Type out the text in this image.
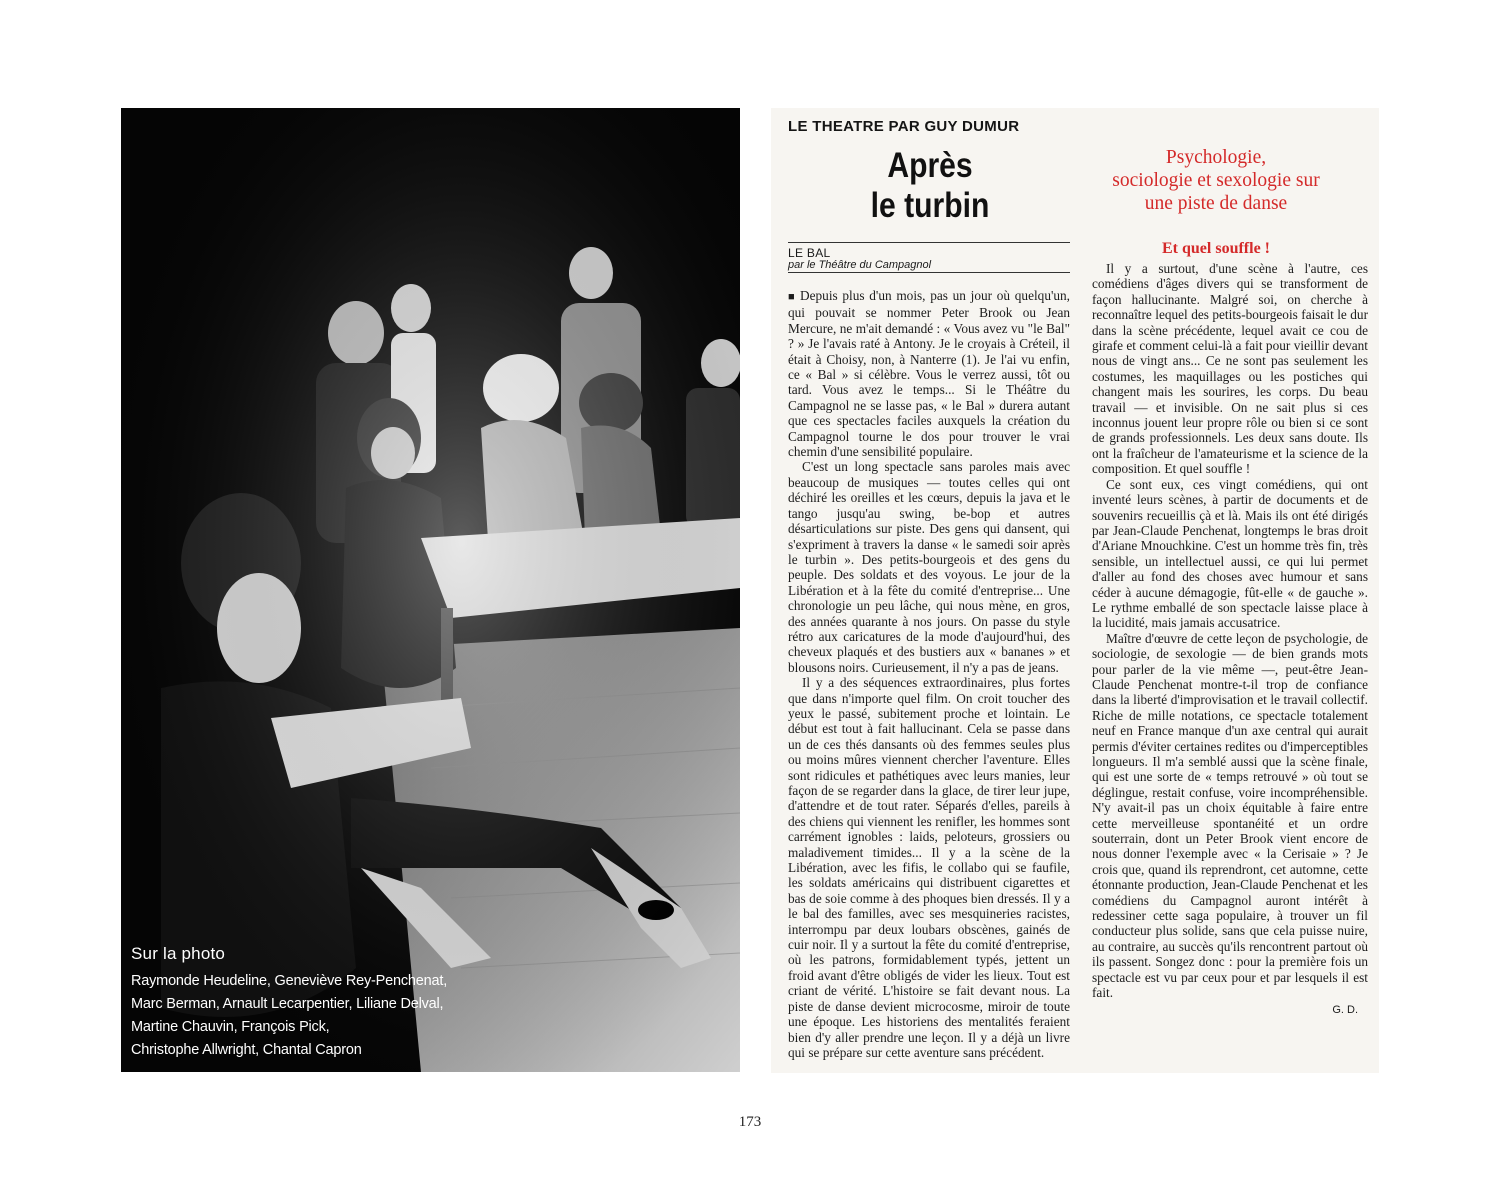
Sur la photo
Raymonde Heudeline, Geneviève Rey-Penchenat,
Marc Berman, Arnault Lecarpentier, Liliane Delval,
Martine Chauvin, François Pick,
Christophe Allwright, Chantal Capron
LE THEATRE PAR GUY DUMUR
Après
le turbin
Psychologie,
sociologie et sexologie sur
une piste de danse
LE BAL
par le Théâtre du Campagnol
Et quel souffle !

■ Depuis plus d'un mois, pas un jour où quelqu'un, qui pouvait se nommer Peter Brook ou Jean Mercure, ne m'ait demandé : « Vous avez vu "le Bal" ? » Je l'avais raté à Antony. Je le croyais à Créteil, il était à Choisy, non, à Nanterre (1). Je l'ai vu enfin, ce « Bal » si célèbre. Vous le verrez aussi, tôt ou tard. Vous avez le temps... Si le Théâtre du Campagnol ne se lasse pas, « le Bal » durera autant que ces spectacles faciles auxquels la création du Campagnol tourne le dos pour trouver le vrai chemin d'une sensibilité populaire.

C'est un long spectacle sans paroles mais avec beaucoup de musiques — toutes celles qui ont déchiré les oreilles et les cœurs, depuis la java et le tango jusqu'au swing, be-bop et autres désarticulations sur piste. Des gens qui dansent, qui s'expriment à travers la danse « le samedi soir après le turbin ». Des petits-bourgeois et des gens du peuple. Des soldats et des voyous. Le jour de la Libération et à la fête du comité d'entreprise... Une chronologie un peu lâche, qui nous mène, en gros, des années quarante à nos jours. On passe du style rétro aux caricatures de la mode d'aujourd'hui, des cheveux plaqués et des bustiers aux « bananes » et blousons noirs. Curieusement, il n'y a pas de jeans.

Il y a des séquences extraordinaires, plus fortes que dans n'importe quel film. On croit toucher des yeux le passé, subitement proche et lointain. Le début est tout à fait hallucinant. Cela se passe dans un de ces thés dansants où des femmes seules plus ou moins mûres viennent chercher l'aventure. Elles sont ridicules et pathétiques avec leurs manies, leur façon de se regarder dans la glace, de tirer leur jupe, d'attendre et de tout rater. Séparés d'elles, pareils à des chiens qui viennent les renifler, les hommes sont carrément ignobles : laids, peloteurs, grossiers ou maladivement timides... Il y a la scène de la Libération, avec les fifis, le collabo qui se faufile, les soldats américains qui distribuent cigarettes et bas de soie comme à des phoques bien dressés. Il y a le bal des familles, avec ses mesquineries racistes, interrompu par deux loubars obscènes, gainés de cuir noir. Il y a surtout la fête du comité d'entreprise, où les patrons, formidablement typés, jettent un froid avant d'être obligés de vider les lieux. Tout est criant de vérité. L'histoire se fait devant nous. La piste de danse devient microcosme, miroir de toute une époque. Les historiens des mentalités feraient bien d'y aller prendre une leçon. Il y a déjà un livre qui se prépare sur cette aventure sans précédent.

Il y a surtout, d'une scène à l'autre, ces comédiens d'âges divers qui se transforment de façon hallucinante. Malgré soi, on cherche à reconnaître lequel des petits-bourgeois faisait le dur dans la scène précédente, lequel avait ce cou de girafe et comment celui-là a fait pour vieillir devant nous de vingt ans... Ce ne sont pas seulement les costumes, les maquillages ou les postiches qui changent mais les sourires, les corps. Du beau travail — et invisible. On ne sait plus si ces inconnus jouent leur propre rôle ou bien si ce sont de grands professionnels. Les deux sans doute. Ils ont la fraîcheur de l'amateurisme et la science de la composition. Et quel souffle !

Ce sont eux, ces vingt comédiens, qui ont inventé leurs scènes, à partir de documents et de souvenirs recueillis çà et là. Mais ils ont été dirigés par Jean-Claude Penchenat, longtemps le bras droit d'Ariane Mnouchkine. C'est un homme très fin, très sensible, un intellectuel aussi, ce qui lui permet d'aller au fond des choses avec humour et sans céder à aucune démagogie, fût-elle « de gauche ». Le rythme emballé de son spectacle laisse place à la lucidité, mais jamais accusatrice.

Maître d'œuvre de cette leçon de psychologie, de sociologie, de sexologie — de bien grands mots pour parler de la vie même —, peut-être Jean-Claude Penchenat montre-t-il trop de confiance dans la liberté d'improvisation et le travail collectif. Riche de mille notations, ce spectacle totalement neuf en France manque d'un axe central qui aurait permis d'éviter certaines redites ou d'imperceptibles longueurs. Il m'a semblé aussi que la scène finale, qui est une sorte de « temps retrouvé » où tout se déglingue, restait confuse, voire incompréhensible. N'y avait-il pas un choix équitable à faire entre cette merveilleuse spontanéité et un ordre souterrain, dont un Peter Brook vient encore de nous donner l'exemple avec « la Cerisaie » ? Je crois que, quand ils reprendront, cet automne, cette étonnante production, Jean-Claude Penchenat et les comédiens du Campagnol auront intérêt à redessiner cette saga populaire, à trouver un fil conducteur plus solide, sans que cela puisse nuire, au contraire, au succès qu'ils rencontrent partout où ils passent. Songez donc : pour la première fois un spectacle est vu par ceux pour et par lesquels il est fait.

G. D.
173
